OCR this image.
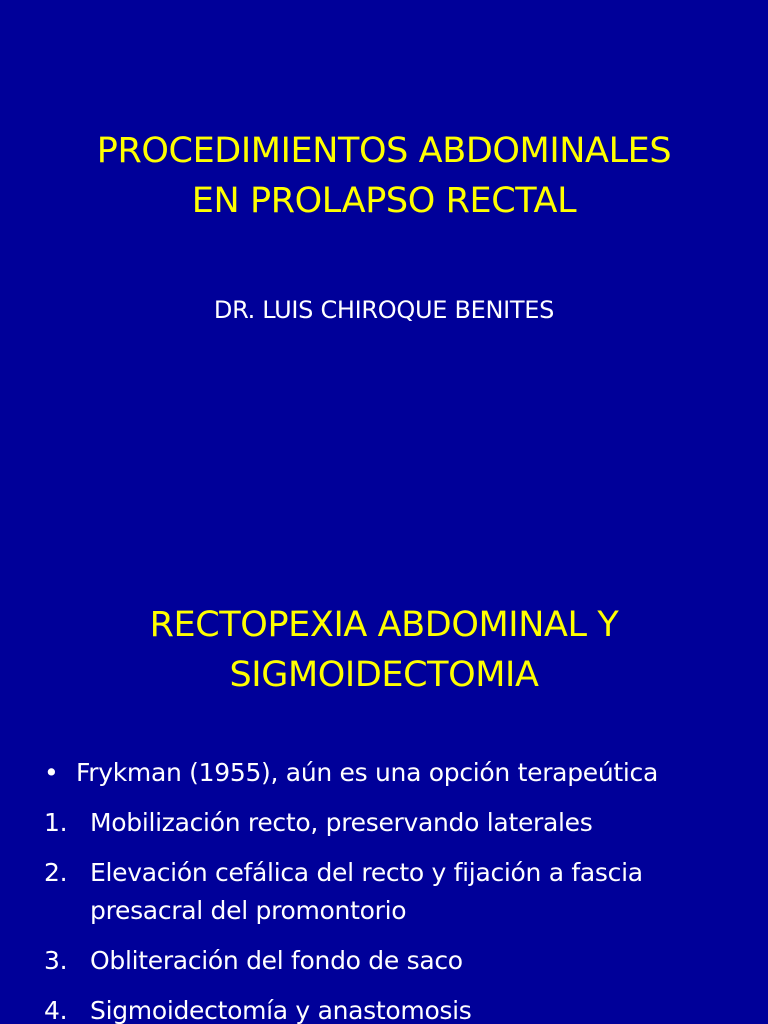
PROCEDIMIENTOS ABDOMINALES
EN PROLAPSO RECTAL
DR. LUIS CHIROQUE BENITES
RECTOPEXIA ABDOMINAL Y
SIGMOIDECTOMIA
• Frykman (1955), aún es una opción terapeútica
1. Mobilización recto, preservando laterales
2. Elevación cefálica del recto y fijación a fascia presacral del promontorio
3. Obliteración del fondo de saco
4. Sigmoidectomía y anastomosis
